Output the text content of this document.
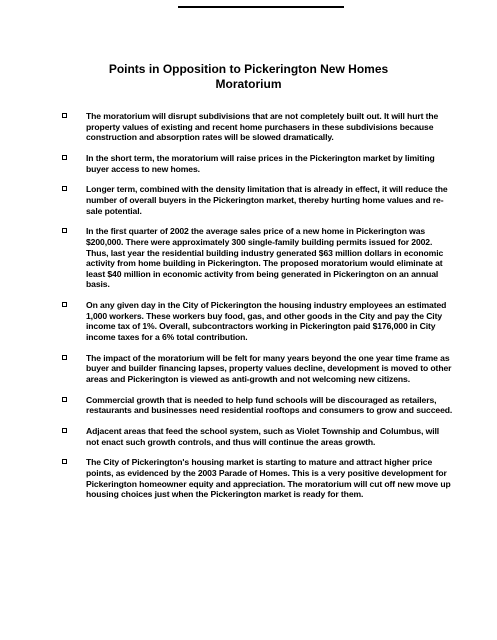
Points in Opposition to Pickerington New Homes
Moratorium
The moratorium will disrupt subdivisions that are not completely built out. It will hurt the property values of existing and recent home purchasers in these subdivisions because construction and absorption rates will be slowed dramatically.
In the short term, the moratorium will raise prices in the Pickerington market by limiting buyer access to new homes.
Longer term, combined with the density limitation that is already in effect, it will reduce the number of overall buyers in the Pickerington market, thereby hurting home values and re-sale potential.
In the first quarter of 2002 the average sales price of a new home in Pickerington was $200,000. There were approximately 300 single-family building permits issued for 2002. Thus, last year the residential building industry generated $63 million dollars in economic activity from home building in Pickerington. The proposed moratorium would eliminate at least $40 million in economic activity from being generated in Pickerington on an annual basis.
On any given day in the City of Pickerington the housing industry employees an estimated 1,000 workers. These workers buy food, gas, and other goods in the City and pay the City income tax of 1%. Overall, subcontractors working in Pickerington paid $176,000 in City income taxes for a 6% total contribution.
The impact of the moratorium will be felt for many years beyond the one year time frame as buyer and builder financing lapses, property values decline, development is moved to other areas and Pickerington is viewed as anti-growth and not welcoming new citizens.
Commercial growth that is needed to help fund schools will be discouraged as retailers, restaurants and businesses need residential rooftops and consumers to grow and succeed.
Adjacent areas that feed the school system, such as Violet Township and Columbus, will not enact such growth controls, and thus will continue the areas growth.
The City of Pickerington's housing market is starting to mature and attract higher price points, as evidenced by the 2003 Parade of Homes. This is a very positive development for Pickerington homeowner equity and appreciation. The moratorium will cut off new move up housing choices just when the Pickerington market is ready for them.
